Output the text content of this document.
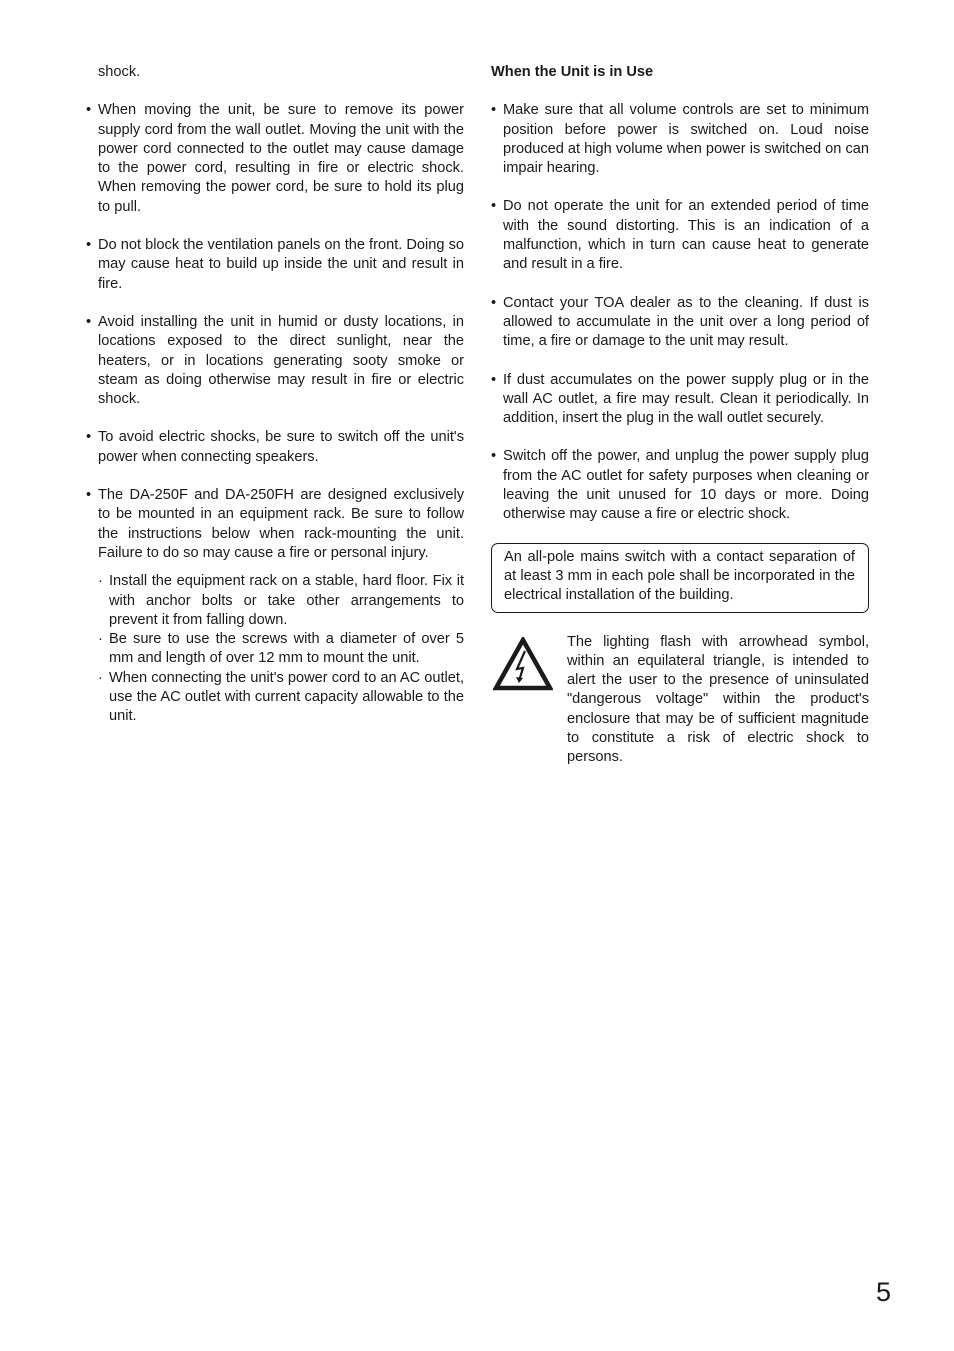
shock.

• When moving the unit, be sure to remove its power supply cord from the wall outlet. Moving the unit with the power cord connected to the outlet may cause damage to the power cord, resulting in fire or electric shock. When removing the power cord, be sure to hold its plug to pull.
• Do not block the ventilation panels on the front. Doing so may cause heat to build up inside the unit and result in fire.
• Avoid installing the unit in humid or dusty locations, in locations exposed to the direct sunlight, near the heaters, or in locations generating sooty smoke or steam as doing otherwise may result in fire or electric shock.
• To avoid electric shocks, be sure to switch off the unit's power when connecting speakers.
• The DA-250F and DA-250FH are designed exclusively to be mounted in an equipment rack. Be sure to follow the instructions below when rack-mounting the unit. Failure to do so may cause a fire or personal injury.

· Install the equipment rack on a stable, hard floor. Fix it with anchor bolts or take other arrangements to prevent it from falling down.

· Be sure to use the screws with a diameter of over 5 mm and length of over 12 mm to mount the unit.

· When connecting the unit's power cord to an AC outlet, use the AC outlet with current capacity allowable to the unit.

When the Unit is in Use

• Make sure that all volume controls are set to minimum position before power is switched on. Loud noise produced at high volume when power is switched on can impair hearing.
• Do not operate the unit for an extended period of time with the sound distorting. This is an indication of a malfunction, which in turn can cause heat to generate and result in a fire.
• Contact your TOA dealer as to the cleaning. If dust is allowed to accumulate in the unit over a long period of time, a fire or damage to the unit may result.
• If dust accumulates on the power supply plug or in the wall AC outlet, a fire may result. Clean it periodically. In addition, insert the plug in the wall outlet securely.
• Switch off the power, and unplug the power supply plug from the AC outlet for safety purposes when cleaning or leaving the unit unused for 10 days or more. Doing otherwise may cause a fire or electric shock.
An all-pole mains switch with a contact separation of at least 3 mm in each pole shall be incorporated in the electrical installation of the building.
The lighting flash with arrowhead symbol, within an equilateral triangle, is intended to alert the user to the presence of uninsulated "dangerous voltage" within the product's enclosure that may be of sufficient magnitude to constitute a risk of electric shock to persons.
5
